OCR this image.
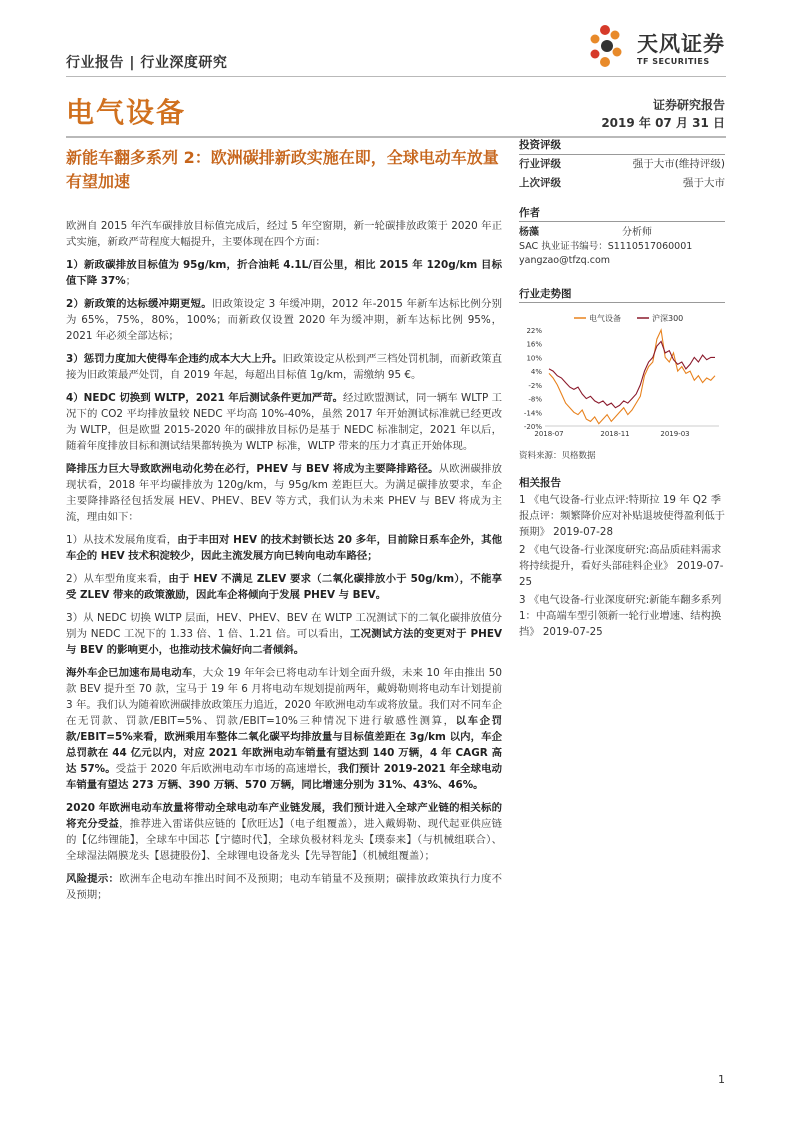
行业报告 | 行业深度研究
天风证券
TF SECURITIES
电气设备	证券研究报告
2019 年 07 月 31 日
新能车翻多系列 2：欧洲碳排新政实施在即，全球电动车放量有望加速
投资评级
行业评级	强于大市(维持评级)
上次评级	强于大市
作者
杨藻	分析师
SAC 执业证书编号：S1110517060001
yangzao@tfzq.com
行业走势图
电气设备	沪深300
22%
16%
10%
4%
-2%
-8%
-14%
-20%
2018-07	2018-11	2019-03
资料来源：贝格数据
相关报告

1 《电气设备-行业点评:特斯拉 19 年 Q2 季报点评：频繁降价应对补贴退坡使得盈利低于预期》 2019-07-28

2 《电气设备-行业深度研究:高品质硅料需求将持续提升，看好头部硅料企业》 2019-07-25

3 《电气设备-行业深度研究:新能车翻多系列 1：中高端车型引领新一轮行业增速、结构换挡》 2019-07-25

欧洲自 2015 年汽车碳排放目标值完成后，经过 5 年空窗期，新一轮碳排放政策于 2020 年正式实施，新政严苛程度大幅提升，主要体现在四个方面：

1）新政碳排放目标值为 95g/km，折合油耗 4.1L/百公里，相比 2015 年 120g/km 目标值下降 37%；

2）新政策的达标缓冲期更短。旧政策设定 3 年缓冲期，2012 年-2015 年新车达标比例分别为 65%，75%，80%，100%；而新政仅设置 2020 年为缓冲期，新车达标比例 95%，2021 年必须全部达标；

3）惩罚力度加大使得车企违约成本大大上升。旧政策设定从松到严三档处罚机制，而新政策直接为旧政策最严处罚，自 2019 年起，每超出目标值 1g/km，需缴纳 95 €。

4）NEDC 切换到 WLTP，2021 年后测试条件更加严苛。经过欧盟测试，同一辆车 WLTP 工况下的 CO2 平均排放量较 NEDC 平均高 10%-40%，虽然 2017 年开始测试标准就已经更改为 WLTP，但是欧盟 2015-2020 年的碳排放目标仍是基于 NEDC 标准制定，2021 年以后，随着年度排放目标和测试结果都转换为 WLTP 标准，WLTP 带来的压力才真正开始体现。

降排压力巨大导致欧洲电动化势在必行，PHEV 与 BEV 将成为主要降排路径。从欧洲碳排放现状看，2018 年平均碳排放为 120g/km，与 95g/km 差距巨大。为满足碳排放要求，车企主要降排路径包括发展 HEV、PHEV、BEV 等方式，我们认为未来 PHEV 与 BEV 将成为主流，理由如下：

1）从技术发展角度看，由于丰田对 HEV 的技术封锁长达 20 多年，目前除日系车企外，其他车企的 HEV 技术积淀较少，因此主流发展方向已转向电动车路径；

2）从车型角度来看，由于 HEV 不满足 ZLEV 要求（二氧化碳排放小于 50g/km），不能享受 ZLEV 带来的政策激励，因此车企将倾向于发展 PHEV 与 BEV。

3）从 NEDC 切换 WLTP 层面，HEV、PHEV、BEV 在 WLTP 工况测试下的二氧化碳排放值分别为 NEDC 工况下的 1.33 倍、1 倍、1.21 倍。可以看出，工况测试方法的变更对于 PHEV 与 BEV 的影响更小，也推动技术偏好向二者倾斜。

海外车企已加速布局电动车，大众 19 年年会已将电动车计划全面升级，未来 10 年由推出 50 款 BEV 提升至 70 款，宝马于 19 年 6 月将电动车规划提前两年，戴姆勒则将电动车计划提前 3 年。我们认为随着欧洲碳排放政策压力追近，2020 年欧洲电动车或将放量。我们对不同车企在无罚款、罚款/EBIT=5%、罚款/EBIT=10%三种情况下进行敏感性测算，以车企罚款/EBIT=5%来看，欧洲乘用车整体二氧化碳平均排放量与目标值差距在 3g/km 以内，车企总罚款在 44 亿元以内，对应 2021 年欧洲电动车销量有望达到 140 万辆，4 年 CAGR 高达 57%。受益于 2020 年后欧洲电动车市场的高速增长，我们预计 2019-2021 年全球电动车销量有望达 273 万辆、390 万辆、570 万辆，同比增速分别为 31%、43%、46%。

2020 年欧洲电动车放量将带动全球电动车产业链发展，我们预计进入全球产业链的相关标的将充分受益，推荐进入雷诺供应链的【欣旺达】（电子组覆盖），进入戴姆勒、现代起亚供应链的【亿纬锂能】，全球车中国芯【宁德时代】，全球负极材料龙头【璞泰来】（与机械组联合）、全球湿法隔膜龙头【恩捷股份】、全球锂电设备龙头【先导智能】（机械组覆盖）；

风险提示：欧洲车企电动车推出时间不及预期；电动车销量不及预期；碳排放政策执行力度不及预期；

1
